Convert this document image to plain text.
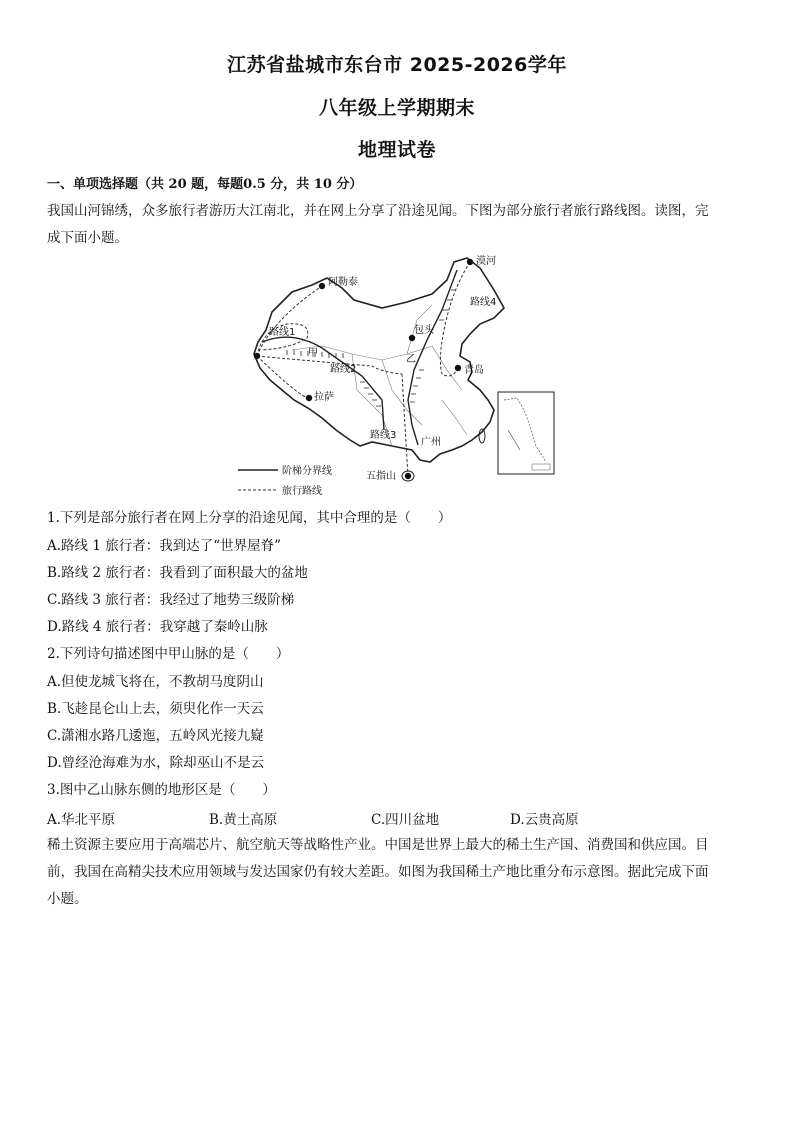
江苏省盐城市东台市 2025-2026学年
八年级上学期期末
地理试卷
一、单项选择题（共 20 题，每题0.5 分，共 10 分）
我国山河锦绣，众多旅行者游历大江南北，并在网上分享了沿途见闻。下图为部分旅行者旅行路线图。读图，完
成下面小题。
漠河
阿勒泰
路线4
路线1	包头
甲
乙
路线2	青岛
拉萨
路线3
广州
五指山
阶梯分界线
旅行路线
1.下列是部分旅行者在网上分享的沿途见闻，其中合理的是（　　）
A.路线 1 旅行者：我到达了“世界屋脊”
B.路线 2 旅行者：我看到了面积最大的盆地
C.路线 3 旅行者：我经过了地势三级阶梯
D.路线 4 旅行者：我穿越了秦岭山脉
2.下列诗句描述图中甲山脉的是（　　）
A.但使龙城飞将在，不教胡马度阴山
B.飞趁昆仑山上去，须臾化作一天云
C.潇湘水路几逶迤，五岭风光接九嶷
D.曾经沧海难为水，除却巫山不是云
3.图中乙山脉东侧的地形区是（　　）
A.华北平原	B.黄土高原	C.四川盆地	D.云贵高原
稀土资源主要应用于高端芯片、航空航天等战略性产业。中国是世界上最大的稀土生产国、消费国和供应国。目
前，我国在高精尖技术应用领域与发达国家仍有较大差距。如图为我国稀土产地比重分布示意图。据此完成下面
小题。
